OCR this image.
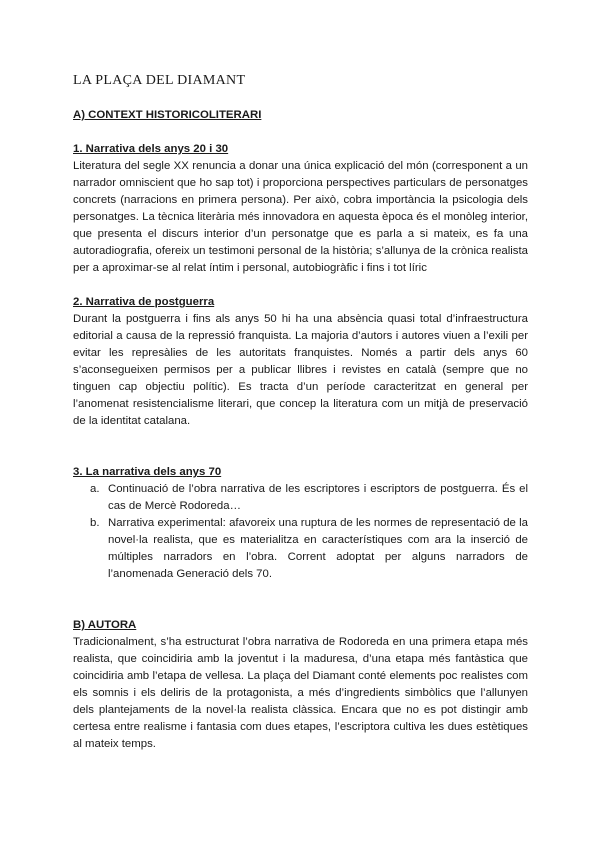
LA PLAÇA DEL DIAMANT
A) CONTEXT HISTORICOLITERARI
1. Narrativa dels anys 20 i 30

Literatura del segle XX renuncia a donar una única explicació del món (corresponent a un narrador omniscient que ho sap tot) i proporciona perspectives particulars de personatges concrets (narracions en primera persona). Per això, cobra importància la psicologia dels personatges. La tècnica literària més innovadora en aquesta època és el monòleg interior, que presenta el discurs interior d’un personatge que es parla a si mateix, es fa una autoradiografia, ofereix un testimoni personal de la història; s’allunya de la crònica realista per a aproximar-se al relat íntim i personal, autobiogràfic i fins i tot líric

2. Narrativa de postguerra

Durant la postguerra i fins als anys 50 hi ha una absència quasi total d’infraestructura editorial a causa de la repressió franquista. La majoria d’autors i autores viuen a l’exili per evitar les represàlies de les autoritats franquistes. Només a partir dels anys 60 s’aconsegueixen permisos per a publicar llibres i revistes en català (sempre que no tinguen cap objectiu polític). Es tracta d’un període caracteritzat en general per l’anomenat resistencialisme literari, que concep la literatura com un mitjà de preservació de la identitat catalana.

3. La narrativa dels anys 70
a. Continuació de l’obra narrativa de les escriptores i escriptors de postguerra. És el cas de Mercè Rodoreda…
b. Narrativa experimental: afavoreix una ruptura de les normes de representació de la novel·la realista, que es materialitza en característiques com ara la inserció de múltiples narradors en l’obra. Corrent adoptat per alguns narradors de l’anomenada Generació dels 70.
B) AUTORA

Tradicionalment, s’ha estructurat l’obra narrativa de Rodoreda en una primera etapa més realista, que coincidiria amb la joventut i la maduresa, d’una etapa més fantàstica que coincidiria amb l’etapa de vellesa. La plaça del Diamant conté elements poc realistes com els somnis i els deliris de la protagonista, a més d’ingredients simbòlics que l’allunyen dels plantejaments de la novel·la realista clàssica. Encara que no es pot distingir amb certesa entre realisme i fantasia com dues etapes, l’escriptora cultiva les dues estètiques al mateix temps.
